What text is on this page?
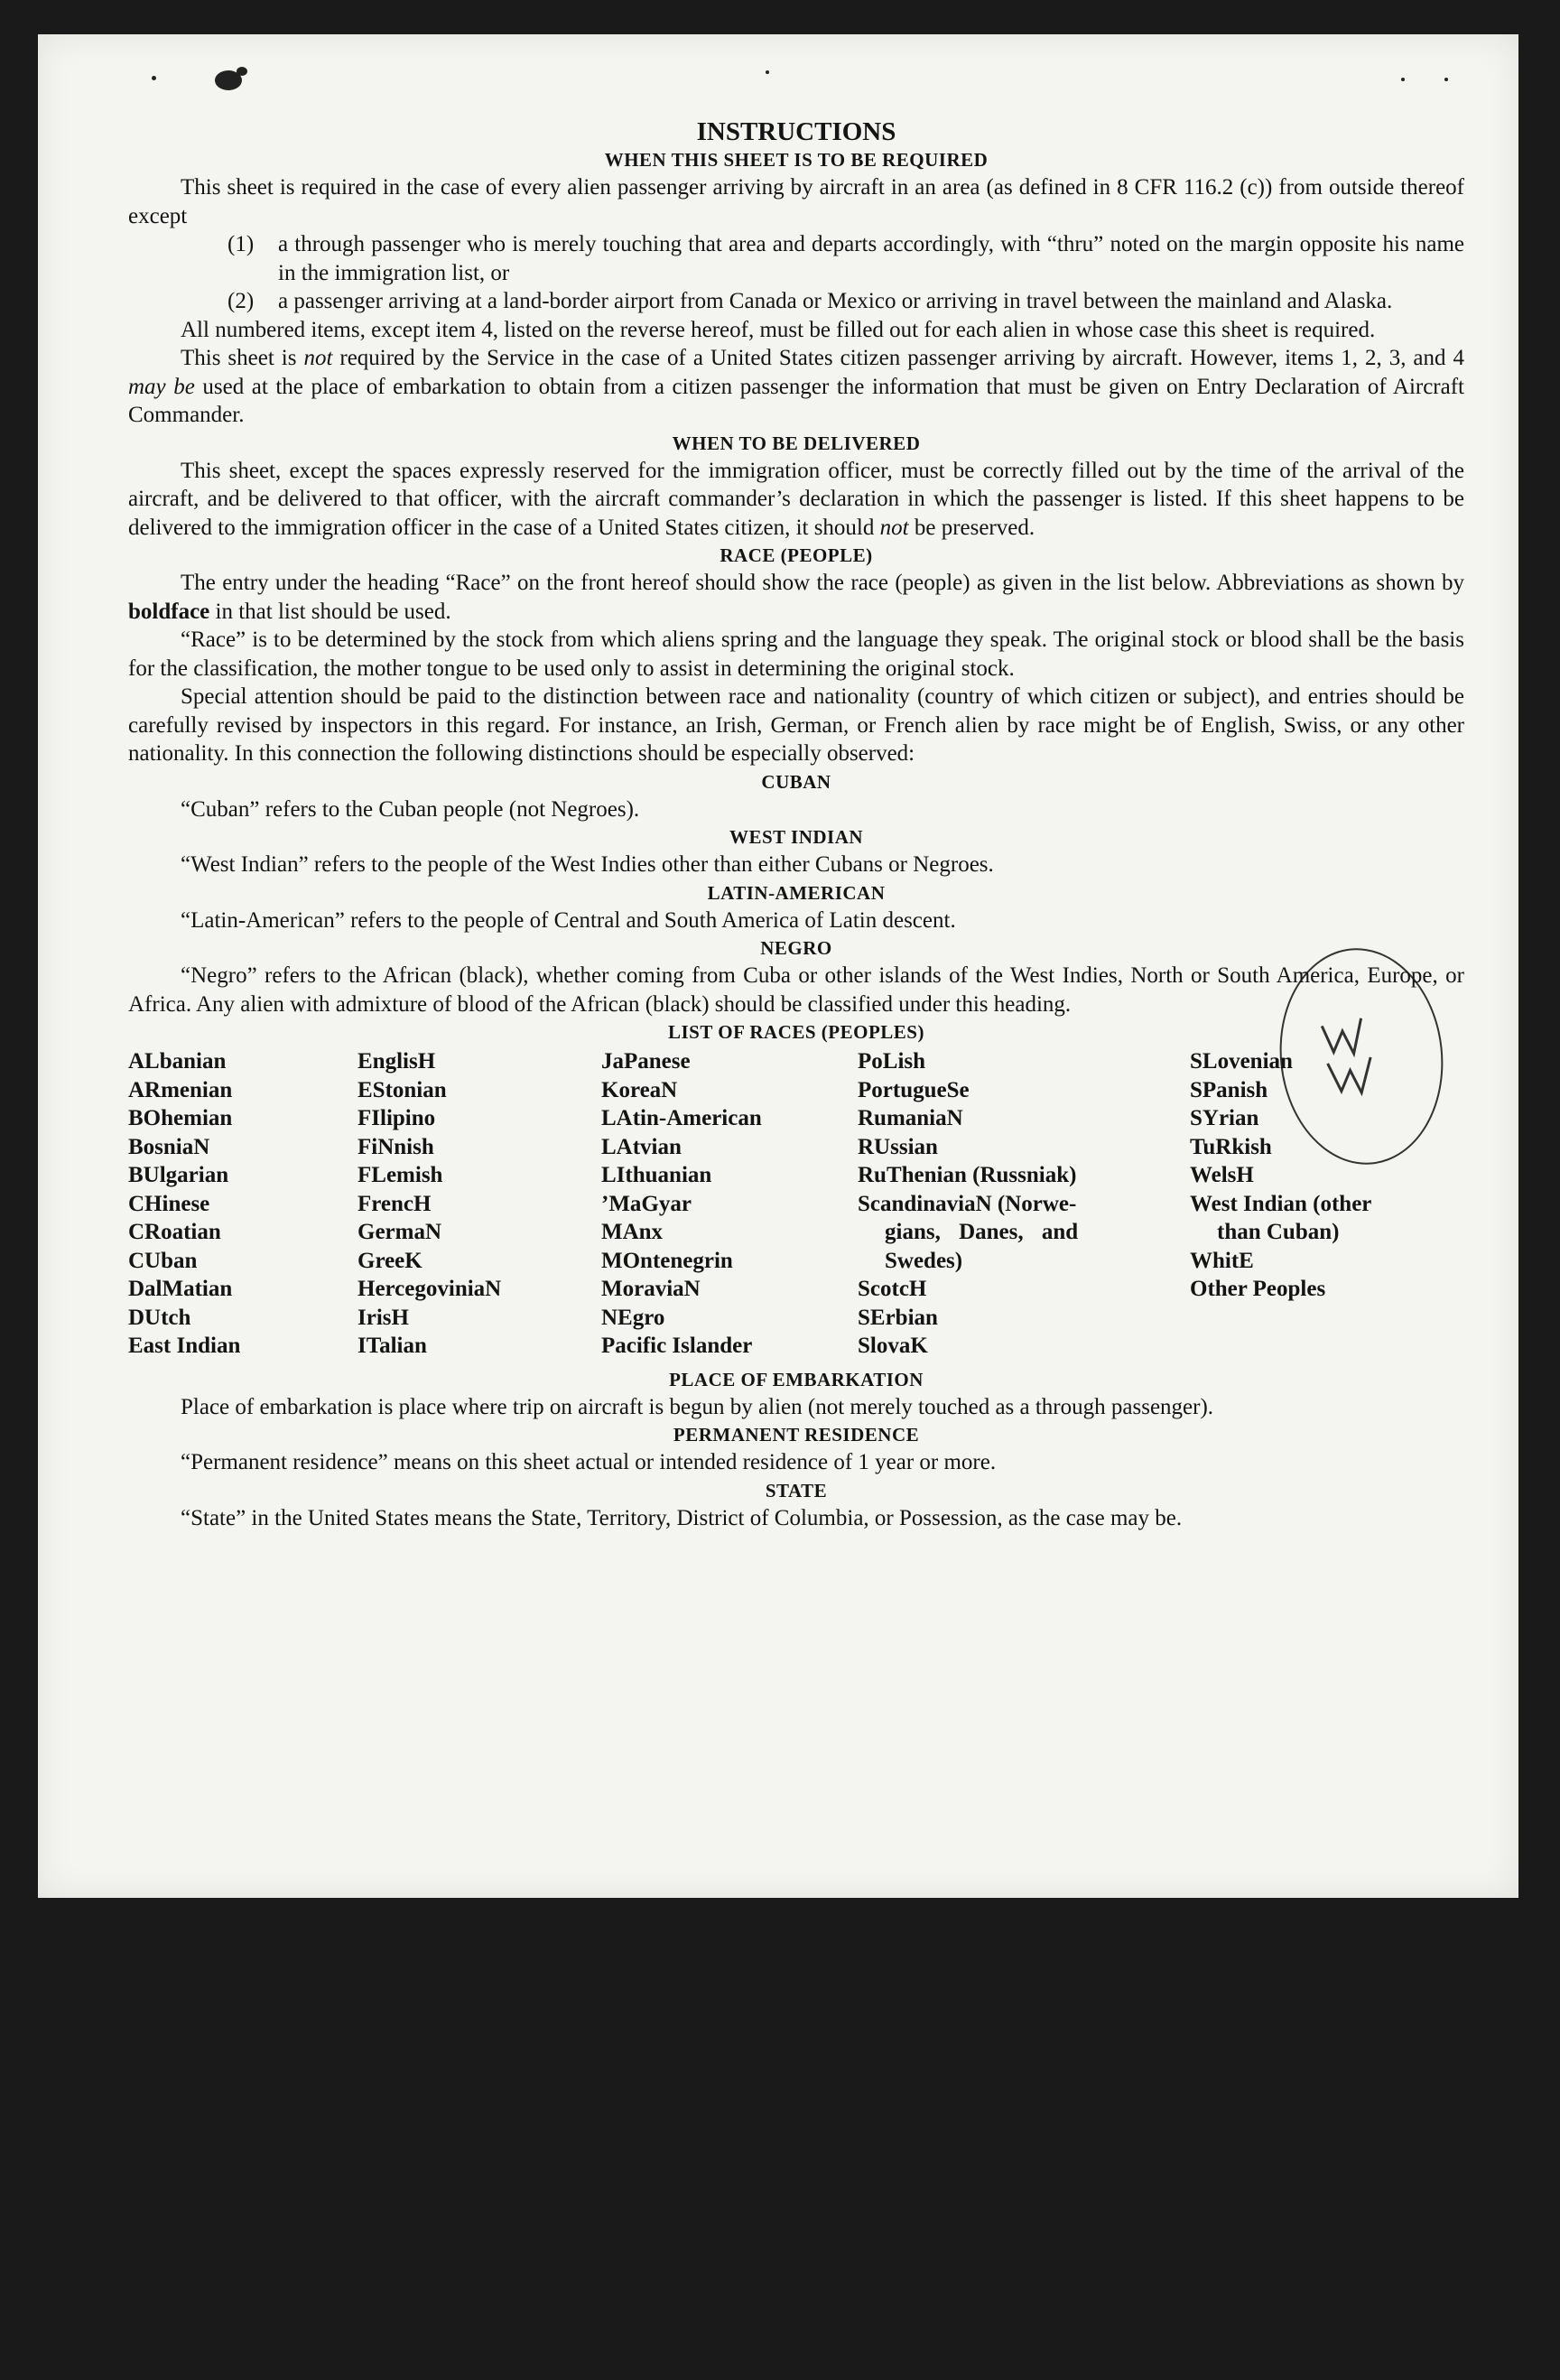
INSTRUCTIONS
WHEN THIS SHEET IS TO BE REQUIRED

This sheet is required in the case of every alien passenger arriving by aircraft in an area (as defined in 8 CFR 116.2 (c)) from outside thereof except

(1)	a through passenger who is merely touching that area and departs accordingly, with “thru” noted on the margin opposite his name in the immigration list, or
(2)	a passenger arriving at a land-border airport from Canada or Mexico or arriving in travel between the mainland and Alaska.

All numbered items, except item 4, listed on the reverse hereof, must be filled out for each alien in whose case this sheet is required.

This sheet is not required by the Service in the case of a United States citizen passenger arriving by aircraft. However, items 1, 2, 3, and 4 may be used at the place of embarkation to obtain from a citizen passenger the information that must be given on Entry Declaration of Aircraft Commander.

WHEN TO BE DELIVERED

This sheet, except the spaces expressly reserved for the immigration officer, must be correctly filled out by the time of the arrival of the aircraft, and be delivered to that officer, with the aircraft commander’s declaration in which the passenger is listed. If this sheet happens to be delivered to the immigration officer in the case of a United States citizen, it should not be preserved.

RACE (PEOPLE)

The entry under the heading “Race” on the front hereof should show the race (people) as given in the list below. Abbreviations as shown by boldface in that list should be used.

“Race” is to be determined by the stock from which aliens spring and the language they speak. The original stock or blood shall be the basis for the classification, the mother tongue to be used only to assist in determining the original stock.

Special attention should be paid to the distinction between race and nationality (country of which citizen or subject), and entries should be carefully revised by inspectors in this regard. For instance, an Irish, German, or French alien by race might be of English, Swiss, or any other nationality. In this connection the following distinctions should be especially observed:

CUBAN

“Cuban” refers to the Cuban people (not Negroes).

WEST INDIAN

“West Indian” refers to the people of the West Indies other than either Cubans or Negroes.

LATIN-AMERICAN

“Latin-American” refers to the people of Central and South America of Latin descent.

NEGRO

“Negro” refers to the African (black), whether coming from Cuba or other islands of the West Indies, North or South America, Europe, or Africa. Any alien with admixture of blood of the African (black) should be classified under this heading.

LIST OF RACES (PEOPLES)
ALbanian
ARmenian
BOhemian
BosniaN
BUlgarian
CHinese
CRoatian
CUban
DalMatian
DUtch
East Indian
EnglisH
EStonian
FIlipino
FiNnish
FLemish
FrencH
GermaN
GreeK
HercegoviniaN
IrisH
ITalian
JaPanese
KoreaN
LAtin-American
LAtvian
LIthuanian
’MaGyar
MAnx
MOntenegrin
MoraviaN
NEgro
Pacific Islander
PoLish
PortugueSe
RumaniaN
RUssian
RuThenian (Russniak)
ScandinaviaN (Norwe-
gians, Danes, and
Swedes)
ScotcH
SErbian
SlovaK
SLovenian
SPanish
SYrian
TuRkish
WelsH
West Indian (other
than Cuban)
WhitE
Other Peoples
PLACE OF EMBARKATION

Place of embarkation is place where trip on aircraft is begun by alien (not merely touched as a through passenger).

PERMANENT RESIDENCE

“Permanent residence” means on this sheet actual or intended residence of 1 year or more.

STATE

“State” in the United States means the State, Territory, District of Columbia, or Possession, as the case may be.
